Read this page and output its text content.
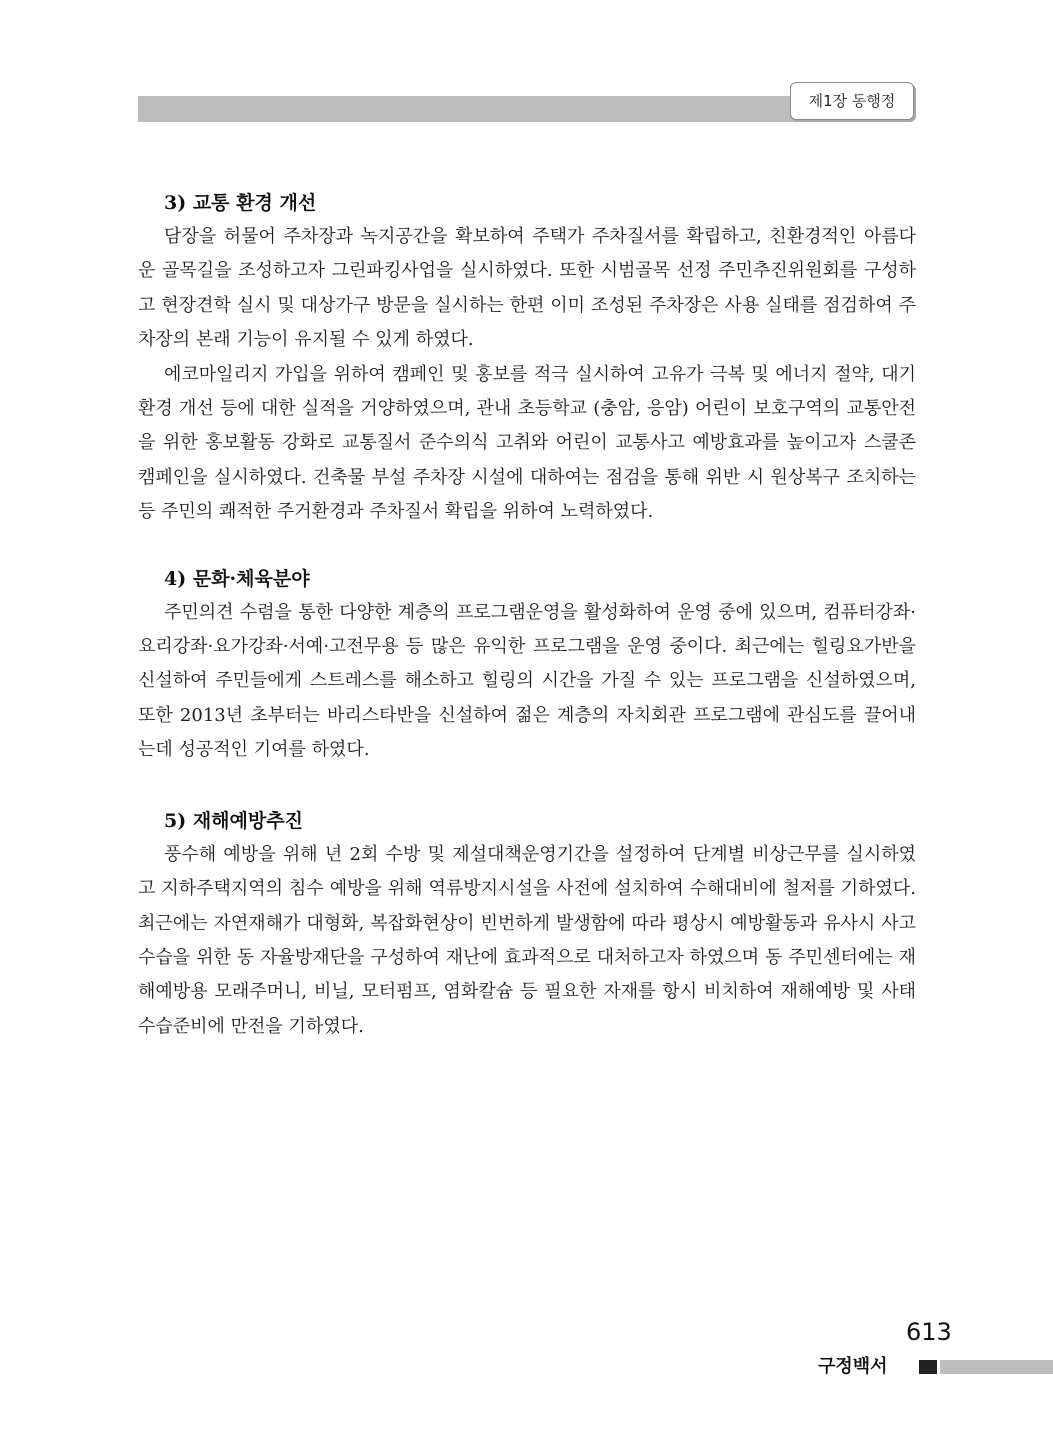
제1장 동행정
3) 교통 환경 개선

담장을 허물어 주차장과 녹지공간을 확보하여 주택가 주차질서를 확립하고, 친환경적인 아름다운 골목길을 조성하고자 그린파킹사업을 실시하였다. 또한 시범골목 선정 주민추진위원회를 구성하고 현장견학 실시 및 대상가구 방문을 실시하는 한편 이미 조성된 주차장은 사용 실태를 점검하여 주차장의 본래 기능이 유지될 수 있게 하였다.

에코마일리지 가입을 위하여 캠페인 및 홍보를 적극 실시하여 고유가 극복 및 에너지 절약, 대기환경 개선 등에 대한 실적을 거양하였으며, 관내 초등학교 (충암, 응암) 어린이 보호구역의 교통안전을 위한 홍보활동 강화로 교통질서 준수의식 고취와 어린이 교통사고 예방효과를 높이고자 스쿨존 캠페인을 실시하였다. 건축물 부설 주차장 시설에 대하여는 점검을 통해 위반 시 원상복구 조치하는 등 주민의 쾌적한 주거환경과 주차질서 확립을 위하여 노력하였다.

4) 문화·체육분야

주민의견 수렴을 통한 다양한 계층의 프로그램운영을 활성화하여 운영 중에 있으며, 컴퓨터강좌·요리강좌·요가강좌·서예·고전무용 등 많은 유익한 프로그램을 운영 중이다. 최근에는 힐링요가반을 신설하여 주민들에게 스트레스를 해소하고 힐링의 시간을 가질 수 있는 프로그램을 신설하였으며, 또한 2013년 초부터는 바리스타반을 신설하여 젊은 계층의 자치회관 프로그램에 관심도를 끌어내는데 성공적인 기여를 하였다.

5) 재해예방추진

풍수해 예방을 위해 년 2회 수방 및 제설대책운영기간을 설정하여 단계별 비상근무를 실시하였고 지하주택지역의 침수 예방을 위해 역류방지시설을 사전에 설치하여 수해대비에 철저를 기하였다. 최근에는 자연재해가 대형화, 복잡화현상이 빈번하게 발생함에 따라 평상시 예방활동과 유사시 사고수습을 위한 동 자율방재단을 구성하여 재난에 효과적으로 대처하고자 하였으며 동 주민센터에는 재해예방용 모래주머니, 비닐, 모터펌프, 염화칼슘 등 필요한 자재를 항시 비치하여 재해예방 및 사태수습준비에 만전을 기하였다.

613
구정백서
